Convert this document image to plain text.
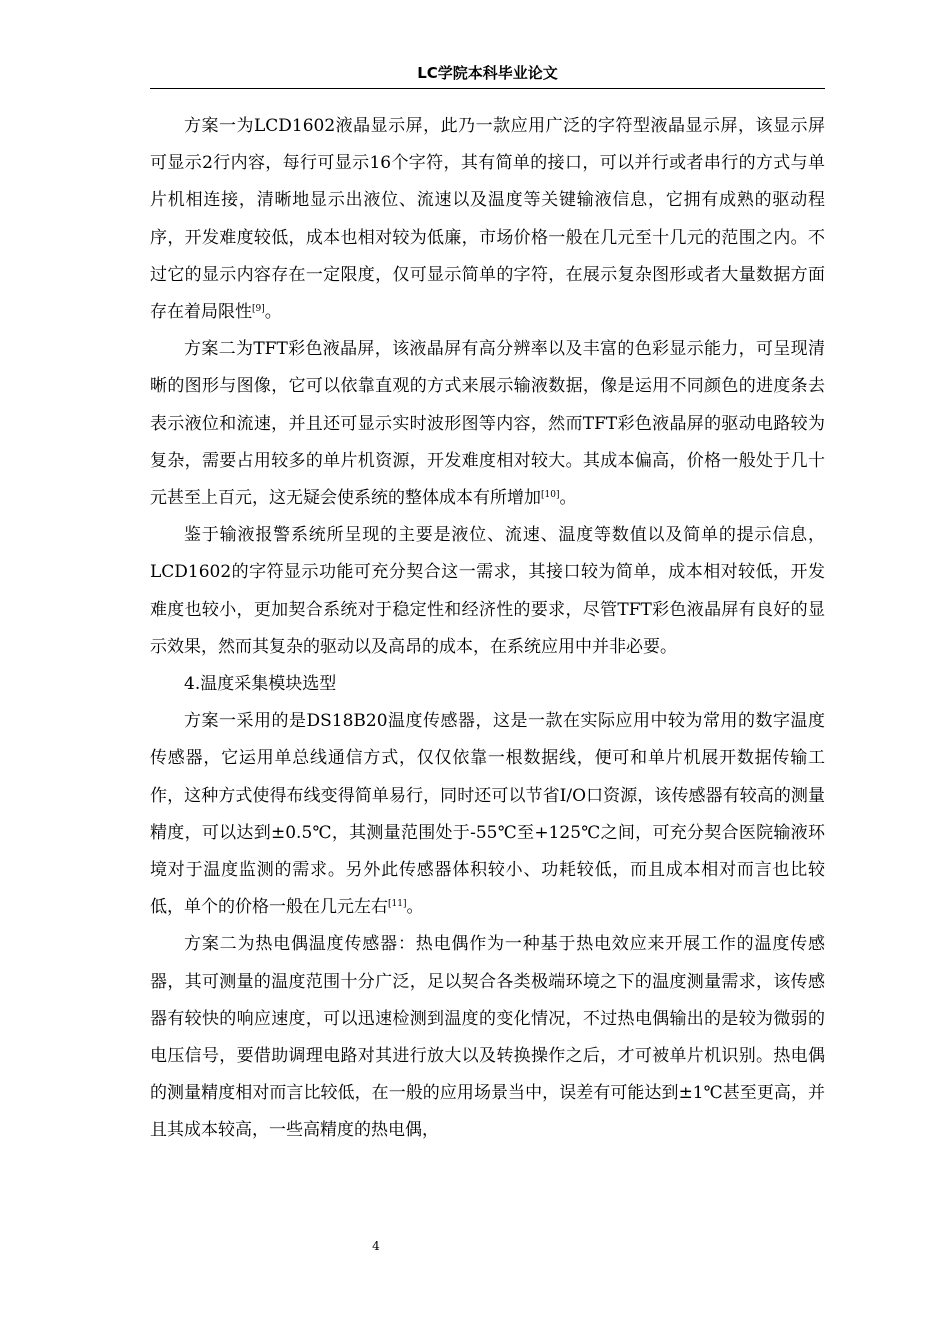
LC学院本科毕业论文

方案一为LCD1602液晶显示屏，此乃一款应用广泛的字符型液晶显示屏，该显示屏可显示2行内容，每行可显示16个字符，其有简单的接口，可以并行或者串行的方式与单片机相连接，清晰地显示出液位、流速以及温度等关键输液信息，它拥有成熟的驱动程序，开发难度较低，成本也相对较为低廉，市场价格一般在几元至十几元的范围之内。不过它的显示内容存在一定限度，仅可显示简单的字符，在展示复杂图形或者大量数据方面存在着局限性[9]。

方案二为TFT彩色液晶屏，该液晶屏有高分辨率以及丰富的色彩显示能力，可呈现清晰的图形与图像，它可以依靠直观的方式来展示输液数据，像是运用不同颜色的进度条去表示液位和流速，并且还可显示实时波形图等内容，然而TFT彩色液晶屏的驱动电路较为复杂，需要占用较多的单片机资源，开发难度相对较大。其成本偏高，价格一般处于几十元甚至上百元，这无疑会使系统的整体成本有所增加[10]。

鉴于输液报警系统所呈现的主要是液位、流速、温度等数值以及简单的提示信息，LCD1602的字符显示功能可充分契合这一需求，其接口较为简单，成本相对较低，开发难度也较小，更加契合系统对于稳定性和经济性的要求，尽管TFT彩色液晶屏有良好的显示效果，然而其复杂的驱动以及高昂的成本，在系统应用中并非必要。

4.温度采集模块选型

方案一采用的是DS18B20温度传感器，这是一款在实际应用中较为常用的数字温度传感器，它运用单总线通信方式，仅仅依靠一根数据线，便可和单片机展开数据传输工作，这种方式使得布线变得简单易行，同时还可以节省I/O口资源，该传感器有较高的测量精度，可以达到±0.5℃，其测量范围处于-55℃至+125℃之间，可充分契合医院输液环境对于温度监测的需求。另外此传感器体积较小、功耗较低，而且成本相对而言也比较低，单个的价格一般在几元左右[11]。

方案二为热电偶温度传感器：热电偶作为一种基于热电效应来开展工作的温度传感器，其可测量的温度范围十分广泛，足以契合各类极端环境之下的温度测量需求，该传感器有较快的响应速度，可以迅速检测到温度的变化情况，不过热电偶输出的是较为微弱的电压信号，要借助调理电路对其进行放大以及转换操作之后，才可被单片机识别。热电偶的测量精度相对而言比较低，在一般的应用场景当中，误差有可能达到±1℃甚至更高，并且其成本较高，一些高精度的热电偶，

4
